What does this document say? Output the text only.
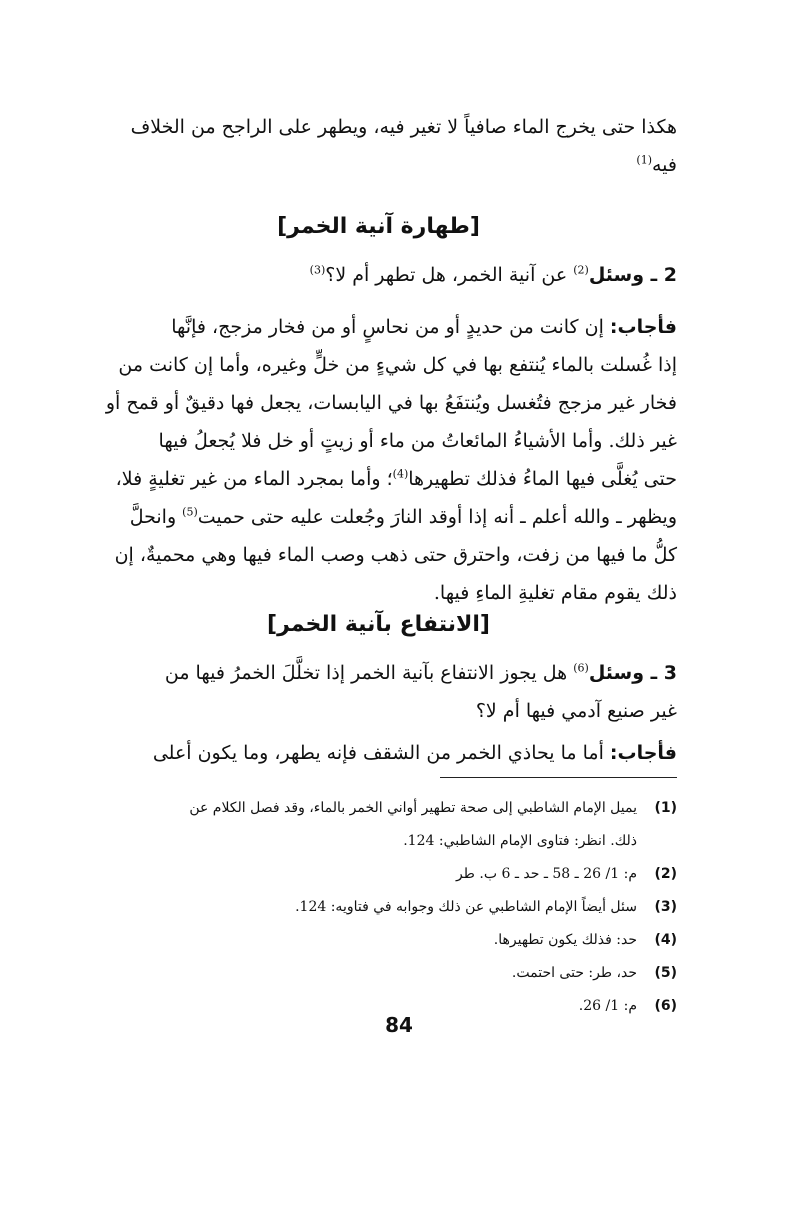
هكذا حتى يخرج الماء صافياً لا تغير فيه، ويطهر على الراجح من الخلاف
فيه$^{(1)}$
[طهارة آنية الخمر]
2 ـ وسئل$^{(2)}$ عن آنية الخمر، هل تطهر أم لا؟$^{(3)}$
فأجاب: إن كانت من حديدٍ أو من نحاسٍ أو من فخار مزجج، فإنَّها
إذا غُسلت بالماء يُنتفع بها في كل شيءٍ من خلٍّ وغيره، وأما إن كانت من
فخار غير مزجج فتُغسل ويُنتفَعُ بها في اليابسات، يجعل فها دقيقٌ أو قمح أو
غير ذلك. وأما الأشياءُ المائعاتُ من ماء أو زيتٍ أو خل فلا يُجعلُ فيها
حتى يُغلَّى فيها الماءُ فذلك تطهيرها$^{(4)}$؛ وأما بمجرد الماء من غير تغليةٍ فلا،
ويظهر ـ والله أعلم ـ أنه إذا أوقد النارَ وجُعلت عليه حتى حميت$^{(5)}$ وانحلَّ
كلُّ ما فيها من زفت، واحترق حتى ذهب وصب الماء فيها وهي محميةٌ، إن
ذلك يقوم مقام تغليةِ الماءِ فيها.
[الانتفاع بآنية الخمر]
3 ـ وسئل$^{(6)}$ هل يجوز الانتفاع بآنية الخمر إذا تخلَّلَ الخمرُ فيها من
غير صنيع آدمي فيها أم لا؟
فأجاب: أما ما يحاذي الخمر من الشقف فإنه يطهر، وما يكون أعلى
(1)
يميل الإمام الشاطبي إلى صحة تطهير أواني الخمر بالماء، وقد فصل الكلام عن
ذلك. انظر: فتاوى الإمام الشاطبي: 124.
(2)
م: 1/ 26 ـ 58 ـ حد ـ 6 ب. طر
(3)
سئل أيضاً الإمام الشاطبي عن ذلك وجوابه في فتاويه: 124.
(4)
حد: فذلك يكون تطهيرها.
(5)
حد، طر: حتى احتمت.
(6)
م: 1/ 26.
84
